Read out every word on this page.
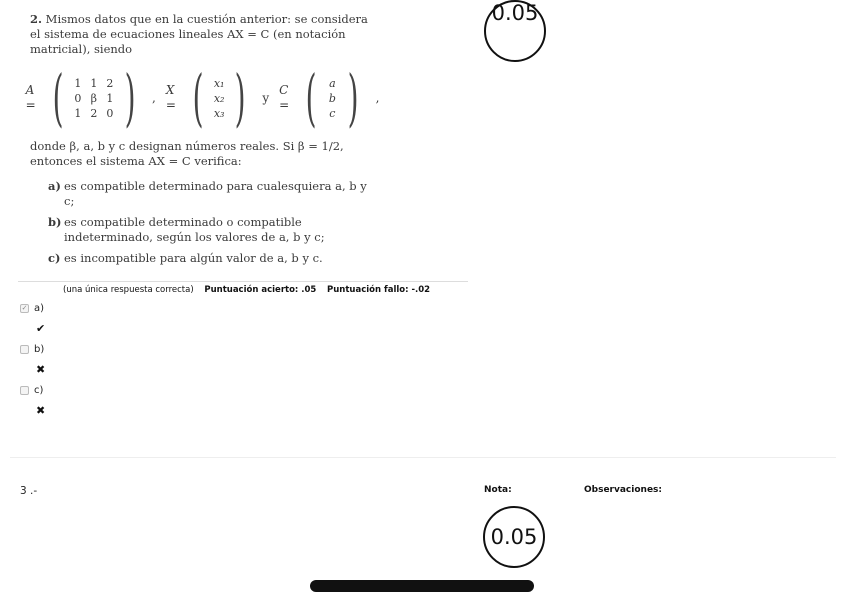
2. Mismos datos que en la cuestión anterior: se considera el sistema de ecuaciones lineales AX = C (en notación matricial), siendo

A = (	1 1 2
0 β 1
1 2 0 ) ,
X = ( x₁
x₂
x₃ ) y
C = (	a
b
c ) ,

donde β, a, b y c designan números reales. Si β = 1/2, entonces el sistema AX = C verifica:

a) es compatible determinado para cualesquiera a, b y c;
b) es compatible determinado o compatible indeterminado, según los valores de a, b y c;
c) es incompatible para algún valor de a, b y c.
0.05
(una única respuesta correcta) Puntuación acierto: .05 Puntuación fallo: -.02
✓ a)
✔
b)
✖
c)
✖
3 .-	Nota:	Observaciones:
0.05
